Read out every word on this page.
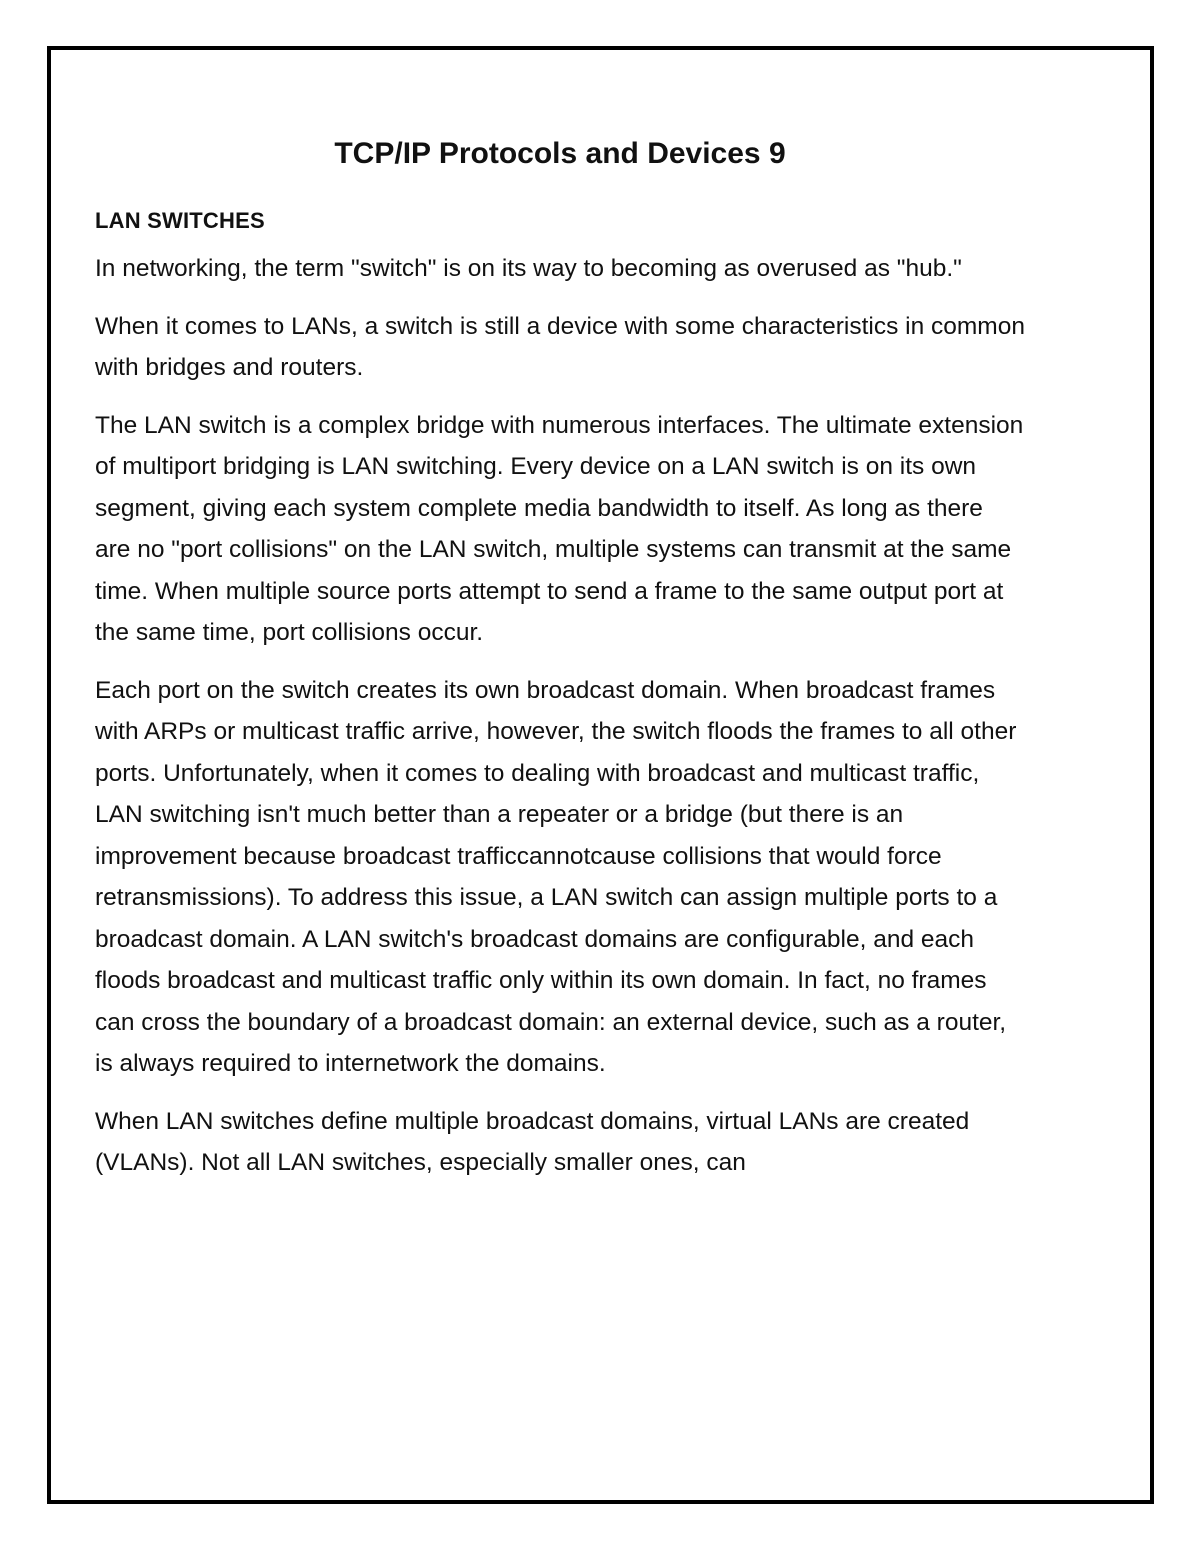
TCP/IP Protocols and Devices 9
LAN SWITCHES

In networking, the term "switch" is on its way to becoming as overused as "hub."

When it comes to LANs, a switch is still a device with some characteristics in common with bridges and routers.

The LAN switch is a complex bridge with numerous interfaces. The ultimate extension of multiport bridging is LAN switching. Every device on a LAN switch is on its own segment, giving each system complete media bandwidth to itself. As long as there are no "port collisions" on the LAN switch, multiple systems can transmit at the same time. When multiple source ports attempt to send a frame to the same output port at the same time, port collisions occur.

Each port on the switch creates its own broadcast domain. When broadcast frames with ARPs or multicast traffic arrive, however, the switch floods the frames to all other ports. Unfortunately, when it comes to dealing with broadcast and multicast traffic, LAN switching isn't much better than a repeater or a bridge (but there is an improvement because broadcast trafficcannotcause collisions that would force retransmissions). To address this issue, a LAN switch can assign multiple ports to a broadcast domain. A LAN switch's broadcast domains are configurable, and each floods broadcast and multicast traffic only within its own domain. In fact, no frames can cross the boundary of a broadcast domain: an external device, such as a router, is always required to internetwork the domains.

When LAN switches define multiple broadcast domains, virtual LANs are created (VLANs). Not all LAN switches, especially smaller ones, can
